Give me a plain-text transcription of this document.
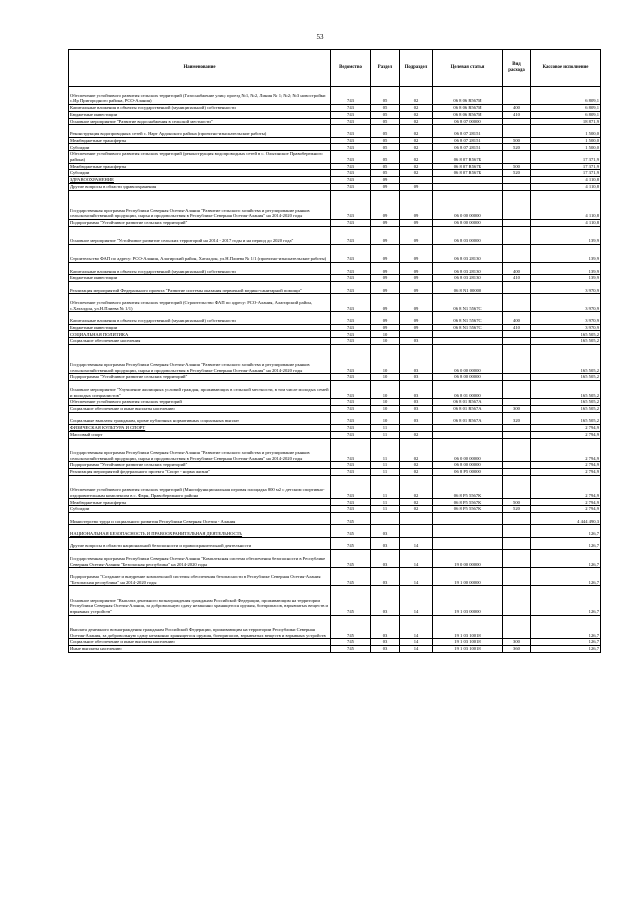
53
Наименование	Ведомство	Раздел	Подраздел	Целевая статья	Вид расхода	Кассовое исполнение
Обеспечение устойчивого развития сельских территорий (Газоснабжение улиц: проезд №1, №2, Линия № 1; №2; №3 новостройки с.Ир Пригородного района, РСО-Алания)	743	05	02	06 8 06 R567И		6 809,1
Капитальные вложения в объекты государственной (муниципальной) собственности	743	05	02	06 8 06 R567И	400	6 809,1
Бюджетные инвестиции	743	05	02	06 8 06 R567И	410	6 809,1
Основное мероприятие "Развитие водоснабжения в сельской местности"	743	05	02	06 8 07 00000		18 871,9
Реконструкция водопроводных сетей с. Нарт Ардонского района (проектно-изыскательские работы)	743	05	02	06 8 07 28151		1 500,0
Межбюджетные трансферты	743	05	02	06 8 07 28151	500	1 500,0
Субсидии	743	05	02	06 8 07 28151	520	1 500,0
Обеспечение устойчивого развития сельских территорий (реконструкция водопроводных сетей в с. Ольгинское Правобережного района)	743	05	02	06 8 07 R567Б		17 371,9
Межбюджетные трансферты	743	05	02	06 8 07 R567Б	500	17 371,9
Субсидии	743	05	02	06 8 07 R567Б	520	17 371,9
ЗДРАВООХРАНЕНИЕ	743	09				4 110,8
Другие вопросы в области здравоохранения	743	09	09			4 110,8
Государственная программа Республики Северная Осетия-Алания "Развитие сельского хозяйства и регулирование рынков сельскохозяйственной продукции, сырья и продовольствия в Республике Северная Осетия-Алания" на 2014-2020 годы	743	09	09	06 0 00 00000		4 110,8
Подпрограмма "Устойчивое развитие сельских территорий"	743	09	09	06 8 00 00000		4 110,8
Основное мероприятие "Устойчивое развитие сельских территорий на 2014 - 2017 годы и на период до 2020 года"	743	09	09	06 8 03 00000		139,9
Строительство ФАП по адресу: РСО-Алания, Алагирский район, Хаталдон, ул.Н.Плиева № 1/1 (проектно-изыскательские работы)	743	09	09	06 8 03 28130		139,9
Капитальные вложения в объекты государственной (муниципальной) собственности	743	09	09	06 8 03 28130	400	139,9
Бюджетные инвестиции	743	09	09	06 8 03 28130	410	139,9
Реализация мероприятий Федерального проекта "Развитие системы оказания первичной медико-санитарной помощи"	743	09	09	06 8 N1 00000		3 970,9
Обеспечение устойчивого развития сельских территорий (Строительство ФАП по адресу: РСО-Алания, Алагирский район, с.Хаталдон, ул.Н.Плиева № 1/1)	743	09	09	06 8 N1 5567С		3 970,9
Капитальные вложения в объекты государственной (муниципальной) собственности	743	09	09	06 8 N1 5567С	400	3 970,9
Бюджетные инвестиции	743	09	09	06 8 N1 5567С	410	3 970,9
СОЦИАЛЬНАЯ ПОЛИТИКА	743	10				165 505,2
Социальное обеспечение населения	743	10	03			165 505,2
Государственная программа Республики Северная Осетия-Алания "Развитие сельского хозяйства и регулирование рынков сельскохозяйственной продукции, сырья и продовольствия в Республике Северная Осетия-Алания" на 2014-2020 годы	743	10	03	06 0 00 00000		165 505,2
Подпрограмма "Устойчивое развитие сельских территорий"	743	10	03	06 8 00 00000		165 505,2
Основное мероприятие "Улучшение жилищных условий граждан, проживающих в сельской местности, в том числе молодых семей и молодых специалистов"	743	10	03	06 8 01 00000		165 505,2
Обеспечение устойчивого развития сельских территорий	743	10	03	06 8 01 R567А		165 505,2
Социальное обеспечение и иные выплаты населению	743	10	03	06 8 01 R567А	300	165 505,2
Социальные выплаты гражданам, кроме публичных нормативных социальных выплат	743	10	03	06 8 01 R567А	320	165 505,2
ФИЗИЧЕСКАЯ КУЛЬТУРА И СПОРТ	743	11				2 794,9
Массовый спорт	743	11	02			2 794,9
Государственная программа Республики Северная Осетия-Алания "Развитие сельского хозяйства и регулирование рынков сельскохозяйственной продукции, сырья и продовольствия в Республике Северная Осетия-Алания" на 2014-2020 годы	743	11	02	06 0 00 00000		2 794,9
Подпрограмма "Устойчивое развитие сельских территорий"	743	11	02	06 8 00 00000		2 794,9
Реализация мероприятий федерального проекта "Спорт - норма жизни"	743	11	02	06 8 P5 00000		2 794,9
Обеспечение устойчивого развития сельских территорий (Многофункциональная игровая площадка 800 м2 с детским спортивно-оздоровительным комплексом в с. Фарн, Правобережного района	743	11	02	06 8 P5 5567К		2 794,9
Межбюджетные трансферты	743	11	02	06 8 P5 5567К	500	2 794,9
Субсидии	743	11	02	06 8 P5 5567К	520	2 794,9
Министерство труда и социального развития Республики Северная Осетия - Алания	745					4 444 490,3
НАЦИОНАЛЬНАЯ БЕЗОПАСНОСТЬ И ПРАВООХРАНИТЕЛЬНАЯ ДЕЯТЕЛЬНОСТЬ	745	03				126,7
Другие вопросы в области национальной безопасности и правоохранительной деятельности	745	03	14			126,7
Государственная программа Республики Северная Осетия-Алания "Комплексная система обеспечения безопасности в Республике Северная Осетия-Алания "Безопасная республика" на 2014-2020 годы	745	03	14	19 0 00 00000		126,7
Подпрограмма "Создание и внедрение комплексной системы обеспечения безопасности в Республике Северная Осетия-Алания "Безопасная республика" на 2014-2020 годы	745	03	14	19 1 00 00000		126,7
Основное мероприятие "Выплата денежного вознаграждения гражданам Российской Федерации, проживающим на территории Республики Северная Осетия-Алания, за добровольную сдачу незаконно хранящегося оружия, боеприпасов, взрывчатых веществ и взрывных устройств"	745	03	14	19 1 03 00000		126,7
Выплата денежного вознаграждения гражданам Российской Федерации, проживающим на территории Республики Северная Осетия-Алания, за добровольную сдачу незаконно хранящегося оружия, боеприпасов, взрывчатых веществ и взрывных устройств	745	03	14	19 1 03 10018		126,7
Социальное обеспечение и иные выплаты населению	745	03	14	19 1 03 10018	300	126,7
Иные выплаты населению	745	03	14	19 1 03 10018	360	126,7
